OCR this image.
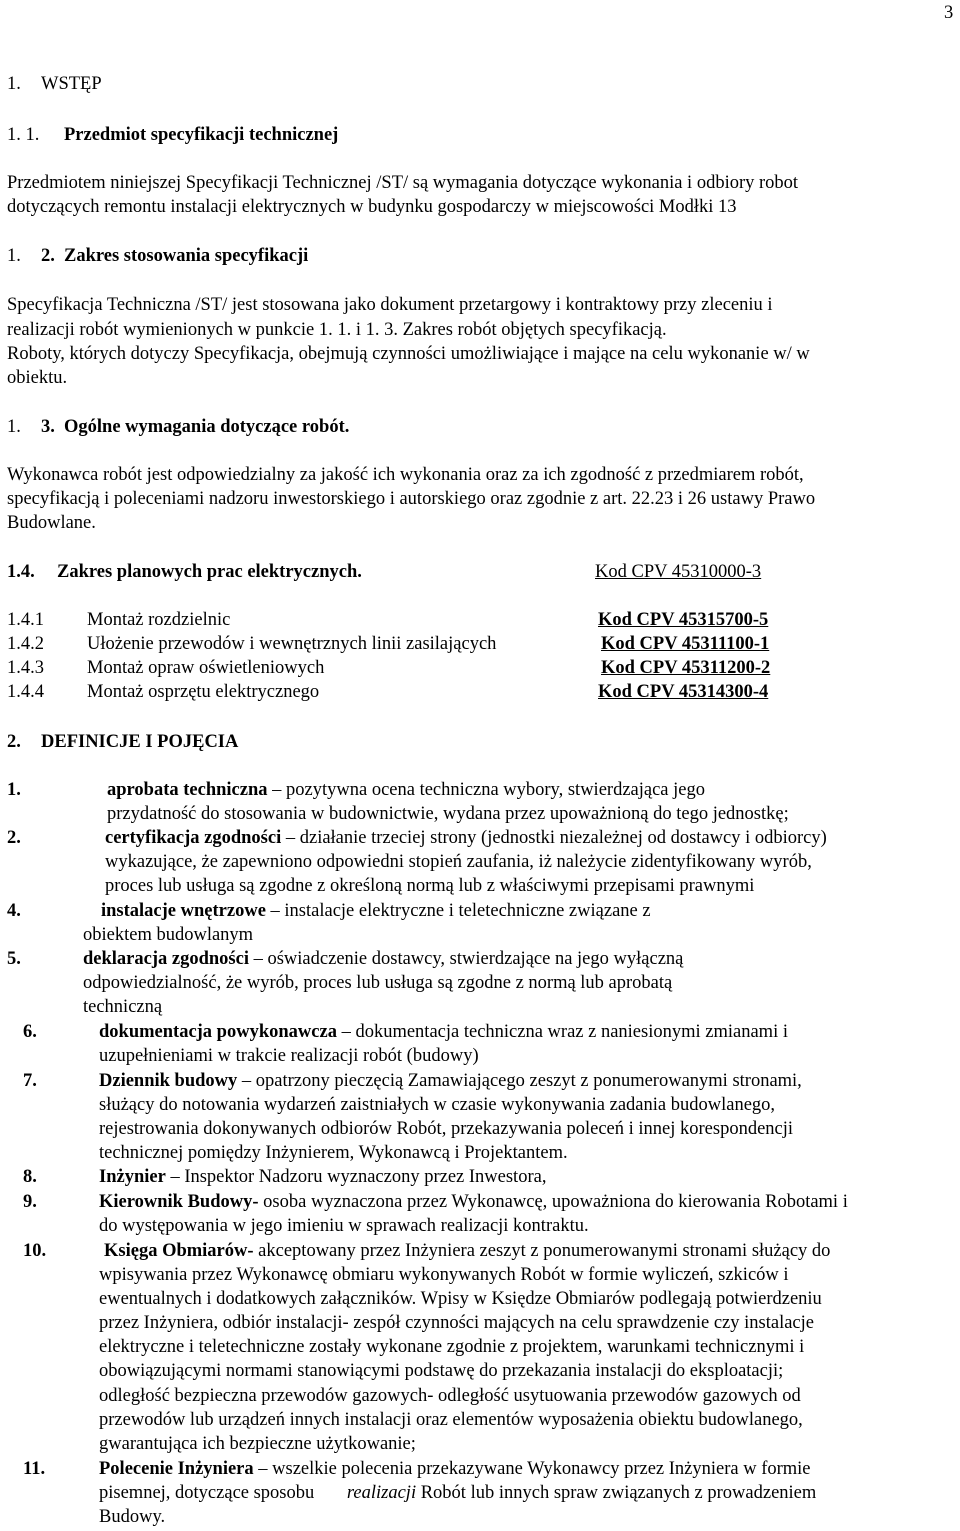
3
1. WSTĘP
1. 1. Przedmiot specyfikacji technicznej
Przedmiotem niniejszej Specyfikacji Technicznej /ST/ są wymagania dotyczące wykonania i odbiory robot
dotyczących remontu instalacji elektrycznych w budynku gospodarczy w miejscowości Modłki 13
1. 2. Zakres stosowania specyfikacji
Specyfikacja Techniczna /ST/ jest stosowana jako dokument przetargowy i kontraktowy przy zleceniu i
realizacji robót wymienionych w punkcie 1. 1. i 1. 3. Zakres robót objętych specyfikacją.
Roboty, których dotyczy Specyfikacja, obejmują czynności umożliwiające i mające na celu wykonanie w/ w
obiektu.
1. 3. Ogólne wymagania dotyczące robót.
Wykonawca robót jest odpowiedzialny za jakość ich wykonania oraz za ich zgodność z przedmiarem robót,
specyfikacją i poleceniami nadzoru inwestorskiego i autorskiego oraz zgodnie z art. 22.23 i 26 ustawy Prawo
Budowlane.
1.4. Zakres planowych prac elektrycznych.	Kod CPV 45310000-3
1.4.1 Montaż rozdzielnic	Kod CPV 45315700-5
1.4.2 Ułożenie przewodów i wewnętrznych linii zasilających	Kod CPV 45311100-1
1.4.3 Montaż opraw oświetleniowych	Kod CPV 45311200-2
1.4.4 Montaż osprzętu elektrycznego	Kod CPV 45314300-4
2. DEFINICJE I POJĘCIA
1.	aprobata techniczna – pozytywna ocena techniczna wybory, stwierdzająca jego
przydatność do stosowania w budownictwie, wydana przez upoważnioną do tego jednostkę;
2.	certyfikacja zgodności – działanie trzeciej strony (jednostki niezależnej od dostawcy i odbiorcy)
wykazujące, że zapewniono odpowiedni stopień zaufania, iż należycie zidentyfikowany wyrób,
proces lub usługa są zgodne z określoną normą lub z właściwymi przepisami prawnymi
4.	instalacje wnętrzowe – instalacje elektryczne i teletechniczne związane z
obiektem budowlanym
5.	deklaracja zgodności – oświadczenie dostawcy, stwierdzające na jego wyłączną
odpowiedzialność, że wyrób, proces lub usługa są zgodne z normą lub aprobatą
techniczną
6.	dokumentacja powykonawcza – dokumentacja techniczna wraz z naniesionymi zmianami i
uzupełnieniami w trakcie realizacji robót (budowy)
7.	Dziennik budowy – opatrzony pieczęcią Zamawiającego zeszyt z ponumerowanymi stronami,
służący do notowania wydarzeń zaistniałych w czasie wykonywania zadania budowlanego,
rejestrowania dokonywanych odbiorów Robót, przekazywania poleceń i innej korespondencji
technicznej pomiędzy Inżynierem, Wykonawcą i Projektantem.
8.	Inżynier – Inspektor Nadzoru wyznaczony przez Inwestora,
9.	Kierownik Budowy- osoba wyznaczona przez Wykonawcę, upoważniona do kierowania Robotami i
do występowania w jego imieniu w sprawach realizacji kontraktu.
10.	Księga Obmiarów- akceptowany przez Inżyniera zeszyt z ponumerowanymi stronami służący do
wpisywania przez Wykonawcę obmiaru wykonywanych Robót w formie wyliczeń, szkiców i
ewentualnych i dodatkowych załączników. Wpisy w Księdze Obmiarów podlegają potwierdzeniu
przez Inżyniera, odbiór instalacji- zespół czynności mających na celu sprawdzenie czy instalacje
elektryczne i teletechniczne zostały wykonane zgodnie z projektem, warunkami technicznymi i
obowiązującymi normami stanowiącymi podstawę do przekazania instalacji do eksploatacji;
odległość bezpieczna przewodów gazowych- odległość usytuowania przewodów gazowych od
przewodów lub urządzeń innych instalacji oraz elementów wyposażenia obiektu budowlanego,
gwarantująca ich bezpieczne użytkowanie;
11.	Polecenie Inżyniera – wszelkie polecenia przekazywane Wykonawcy przez Inżyniera w formie
pisemnej, dotyczące sposobu realizacji Robót lub innych spraw związanych z prowadzeniem
Budowy.
